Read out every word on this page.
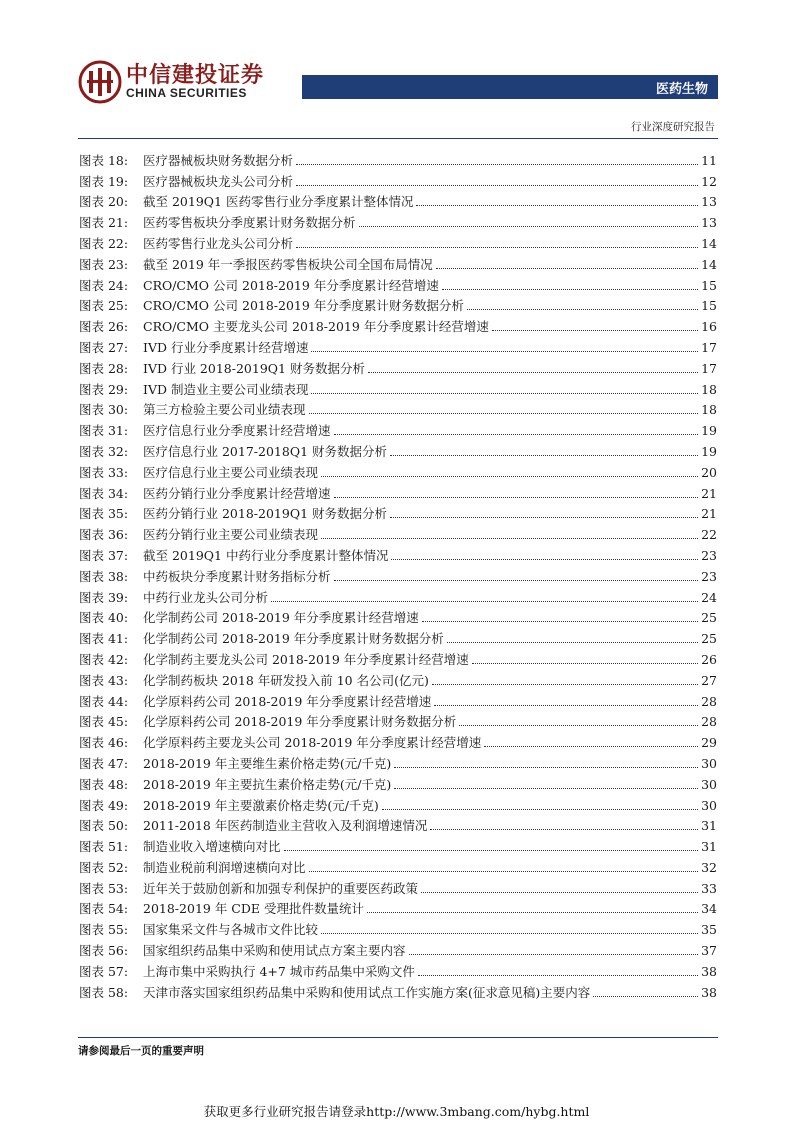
中信建投证券
CHINA SECURITIES	医药生物
行业深度研究报告
图表 18:	医疗器械板块财务数据分析	11
图表 19:	医疗器械板块龙头公司分析	12
图表 20:	截至 2019Q1 医药零售行业分季度累计整体情况	13
图表 21:	医药零售板块分季度累计财务数据分析	13
图表 22:	医药零售行业龙头公司分析	14
图表 23:	截至 2019 年一季报医药零售板块公司全国布局情况	14
图表 24:	CRO/CMO 公司 2018-2019 年分季度累计经营增速	15
图表 25:	CRO/CMO 公司 2018-2019 年分季度累计财务数据分析	15
图表 26:	CRO/CMO 主要龙头公司 2018-2019 年分季度累计经营增速	16
图表 27:	IVD 行业分季度累计经营增速	17
图表 28:	IVD 行业 2018-2019Q1 财务数据分析	17
图表 29:	IVD 制造业主要公司业绩表现	18
图表 30:	第三方检验主要公司业绩表现	18
图表 31:	医疗信息行业分季度累计经营增速	19
图表 32:	医疗信息行业 2017-2018Q1 财务数据分析	19
图表 33:	医疗信息行业主要公司业绩表现	20
图表 34:	医药分销行业分季度累计经营增速	21
图表 35:	医药分销行业 2018-2019Q1 财务数据分析	21
图表 36:	医药分销行业主要公司业绩表现	22
图表 37:	截至 2019Q1 中药行业分季度累计整体情况	23
图表 38:	中药板块分季度累计财务指标分析	23
图表 39:	中药行业龙头公司分析	24
图表 40:	化学制药公司 2018-2019 年分季度累计经营增速	25
图表 41:	化学制药公司 2018-2019 年分季度累计财务数据分析	25
图表 42:	化学制药主要龙头公司 2018-2019 年分季度累计经营增速	26
图表 43:	化学制药板块 2018 年研发投入前 10 名公司(亿元)	27
图表 44:	化学原料药公司 2018-2019 年分季度累计经营增速	28
图表 45:	化学原料药公司 2018-2019 年分季度累计财务数据分析	28
图表 46:	化学原料药主要龙头公司 2018-2019 年分季度累计经营增速	29
图表 47:	2018-2019 年主要维生素价格走势(元/千克)	30
图表 48:	2018-2019 年主要抗生素价格走势(元/千克)	30
图表 49:	2018-2019 年主要激素价格走势(元/千克)	30
图表 50:	2011-2018 年医药制造业主营收入及利润增速情况	31
图表 51:	制造业收入增速横向对比	31
图表 52:	制造业税前利润增速横向对比	32
图表 53:	近年关于鼓励创新和加强专利保护的重要医药政策	33
图表 54:	2018-2019 年 CDE 受理批件数量统计	34
图表 55:	国家集采文件与各城市文件比较	35
图表 56:	国家组织药品集中采购和使用试点方案主要内容	37
图表 57:	上海市集中采购执行 4+7 城市药品集中采购文件	38
图表 58:	天津市落实国家组织药品集中采购和使用试点工作实施方案(征求意见稿)主要内容	38
请参阅最后一页的重要声明
获取更多行业研究报告请登录http://www.3mbang.com/hybg.html
